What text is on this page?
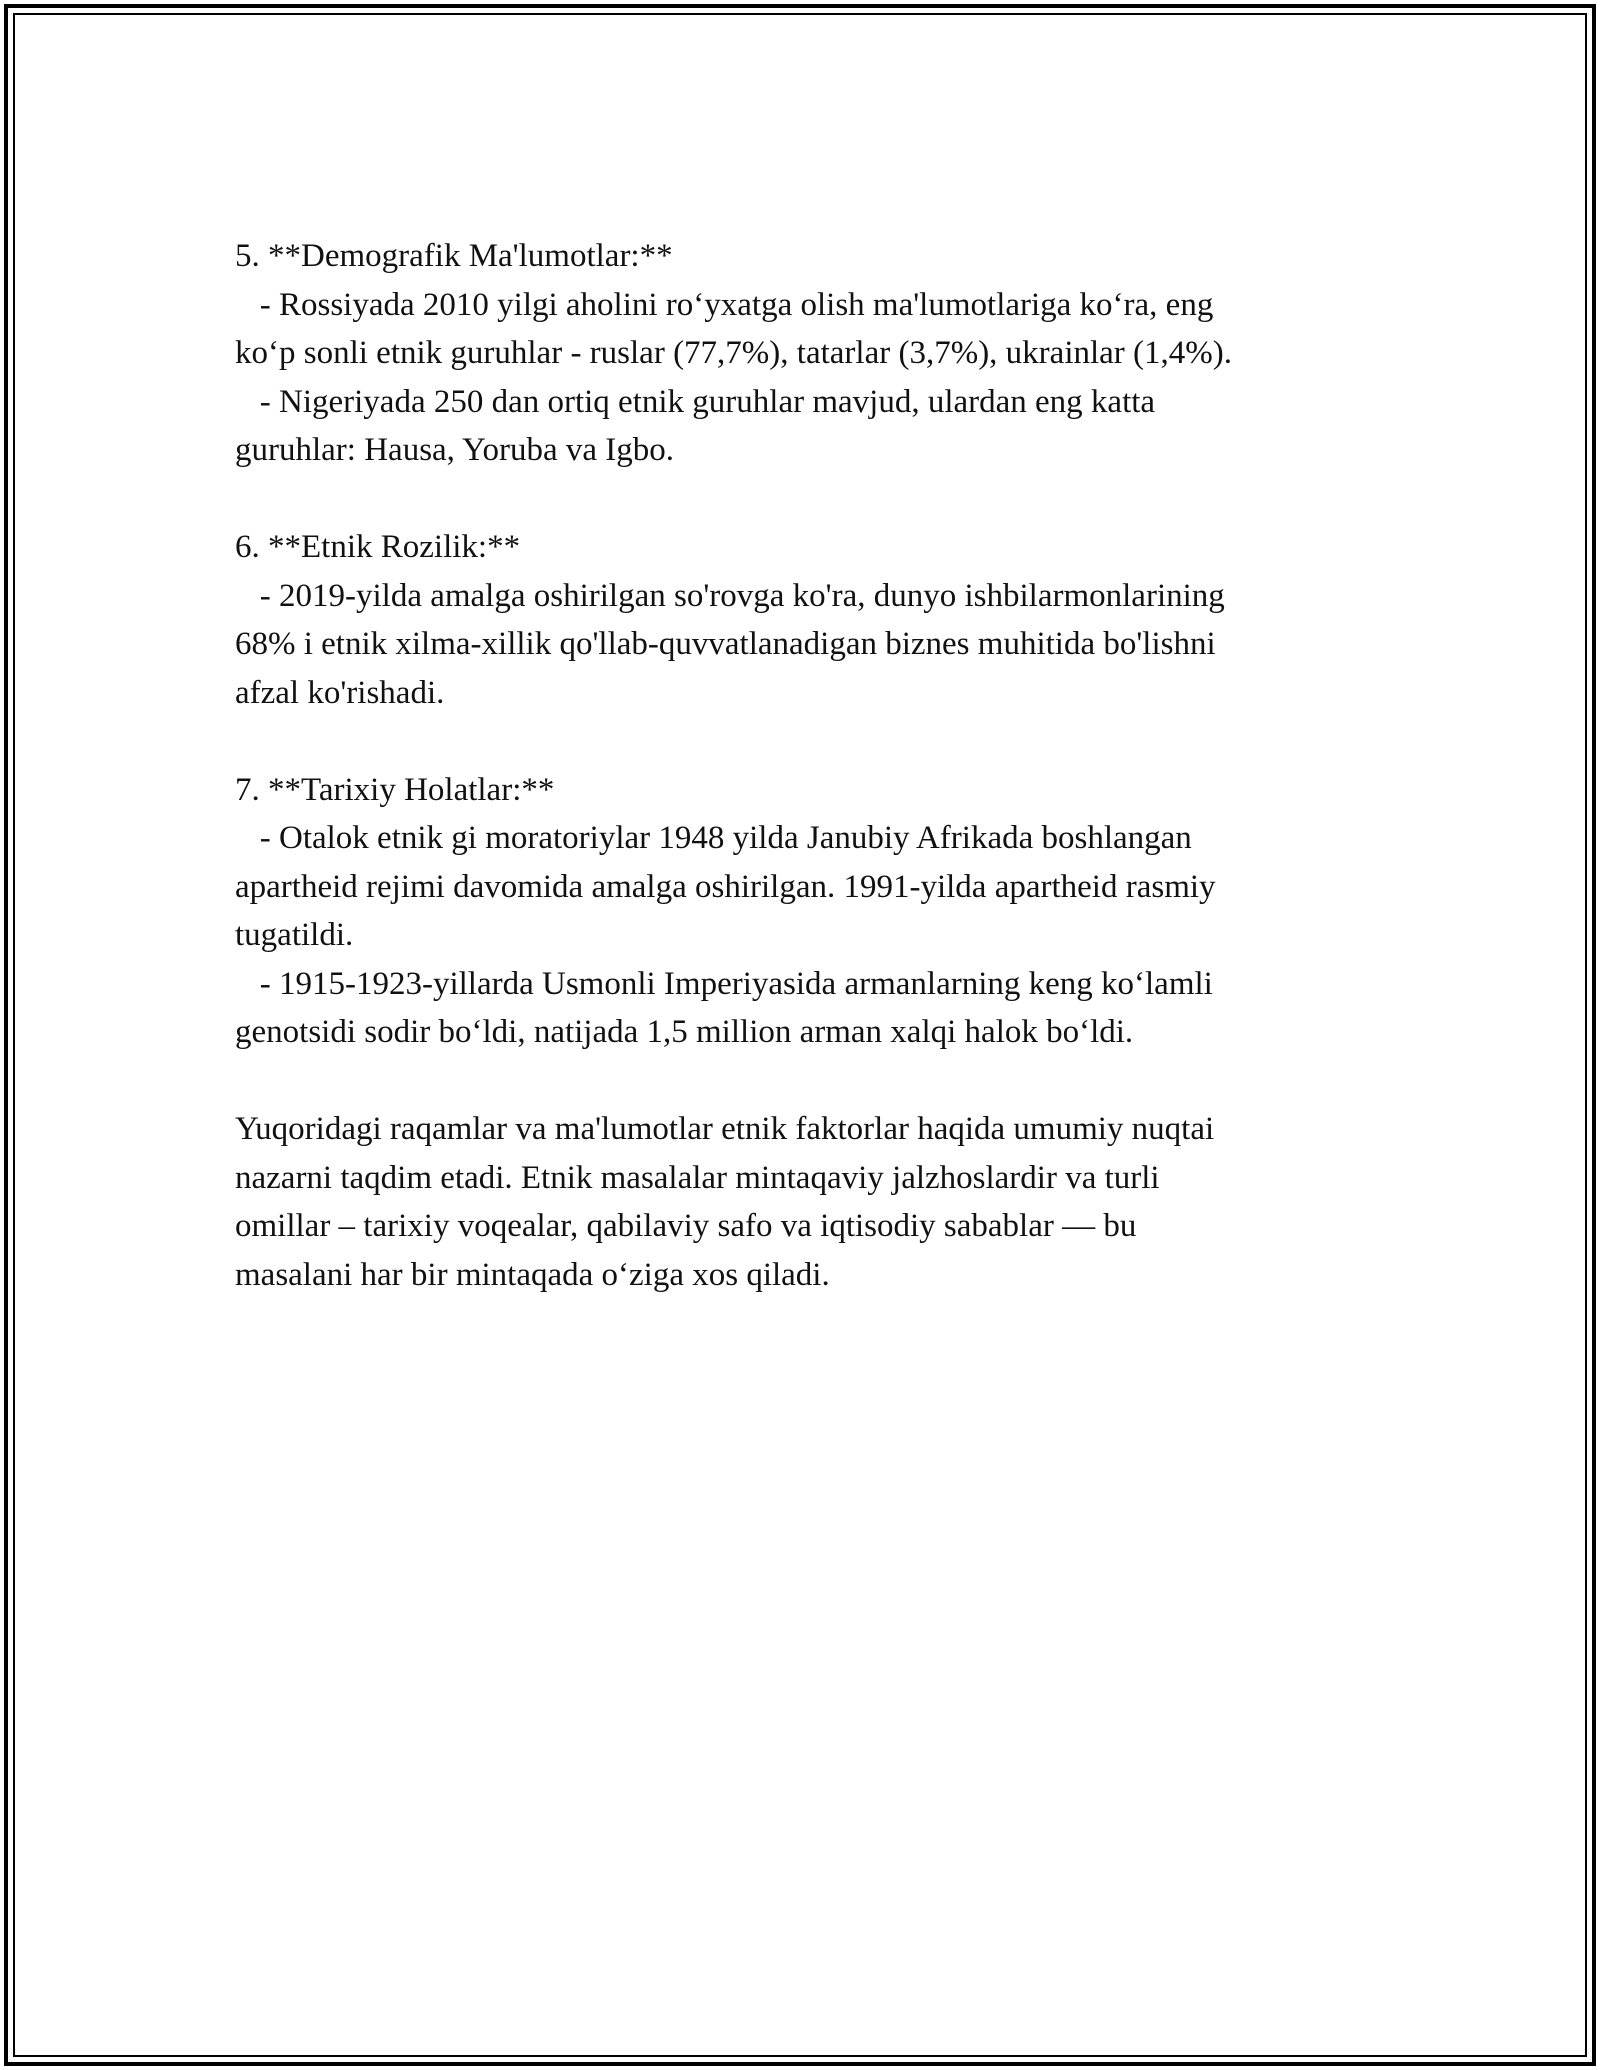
5. **Demografik Ma'lumotlar:**

- Rossiyada 2010 yilgi aholini ro‘yxatga olish ma'lumotlariga ko‘ra, eng

ko‘p sonli etnik guruhlar - ruslar (77,7%), tatarlar (3,7%), ukrainlar (1,4%).

- Nigeriyada 250 dan ortiq etnik guruhlar mavjud, ulardan eng katta

guruhlar: Hausa, Yoruba va Igbo.

6. **Etnik Rozilik:**

- 2019-yilda amalga oshirilgan so'rovga ko'ra, dunyo ishbilarmonlarining

68% i etnik xilma-xillik qo'llab-quvvatlanadigan biznes muhitida bo'lishni

afzal ko'rishadi.

7. **Tarixiy Holatlar:**

- Otalok etnik gi moratoriylar 1948 yilda Janubiy Afrikada boshlangan

apartheid rejimi davomida amalga oshirilgan. 1991-yilda apartheid rasmiy

tugatildi.

- 1915-1923-yillarda Usmonli Imperiyasida armanlarning keng ko‘lamli

genotsidi sodir bo‘ldi, natijada 1,5 million arman xalqi halok bo‘ldi.

Yuqoridagi raqamlar va ma'lumotlar etnik faktorlar haqida umumiy nuqtai

nazarni taqdim etadi. Etnik masalalar mintaqaviy jalzhoslardir va turli

omillar – tarixiy voqealar, qabilaviy safo va iqtisodiy sabablar — bu

masalani har bir mintaqada o‘ziga xos qiladi.
